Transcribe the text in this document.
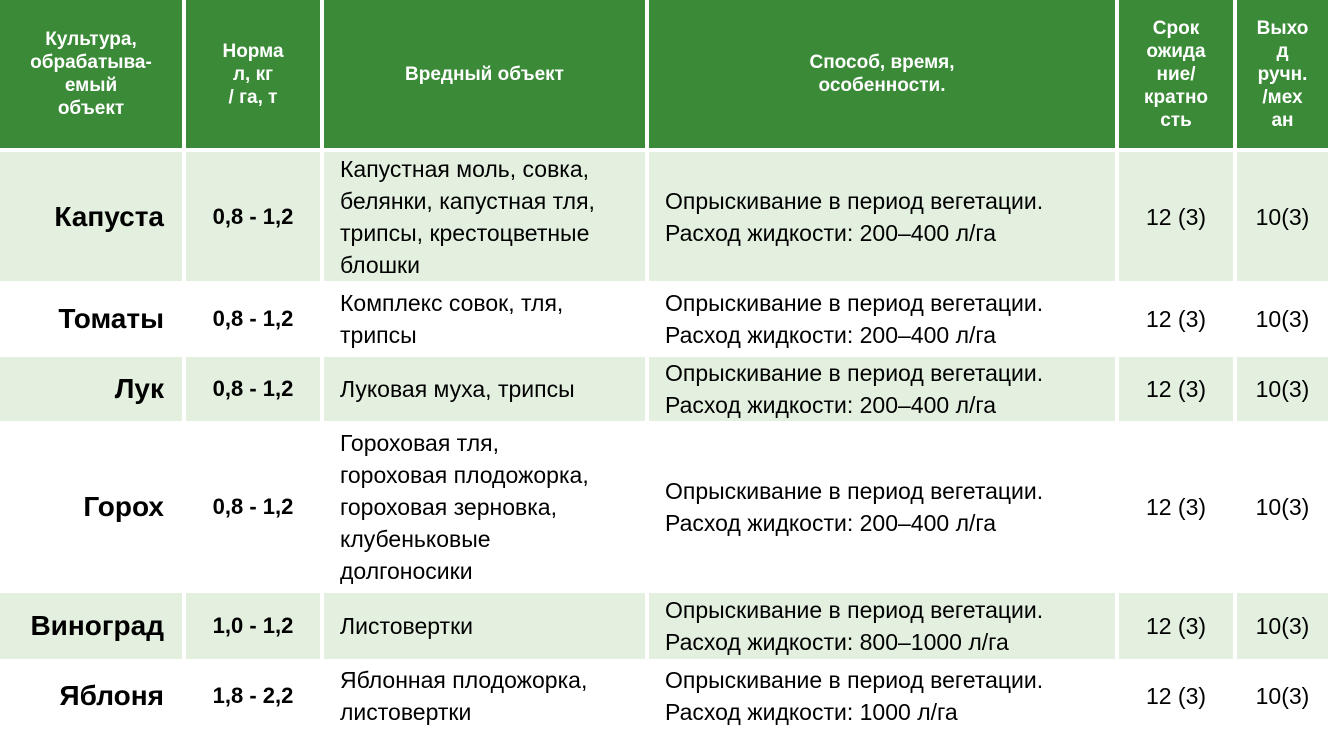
Культура,
обрабатыва-
емый
объект	Норма
л, кг
/ га, т	Вредный объект	Способ, время,
особенности.	Срок
ожида
ние/
кратно
сть	Выхо
д
ручн.
/мех
ан

Капуста	0,8 - 1,2	Капустная моль, совка,
белянки, капустная тля,
трипсы, крестоцветные
блошки	Опрыскивание в период вегетации.
Расход жидкости: 200–400 л/га	12 (3)	10(3)
Томаты	0,8 - 1,2	Комплекс совок, тля,
трипсы	Опрыскивание в период вегетации.
Расход жидкости: 200–400 л/га	12 (3)	10(3)
Лук	0,8 - 1,2	Луковая муха, трипсы	Опрыскивание в период вегетации.
Расход жидкости: 200–400 л/га	12 (3)	10(3)
Горох	0,8 - 1,2	Гороховая тля,
гороховая плодожорка,
гороховая зерновка,
клубеньковые
долгоносики	Опрыскивание в период вегетации.
Расход жидкости: 200–400 л/га	12 (3)	10(3)
Виноград	1,0 - 1,2	Листовертки	Опрыскивание в период вегетации.
Расход жидкости: 800–1000 л/га	12 (3)	10(3)
Яблоня	1,8 - 2,2	Яблонная плодожорка,
листовертки	Опрыскивание в период вегетации.
Расход жидкости: 1000 л/га	12 (3)	10(3)
